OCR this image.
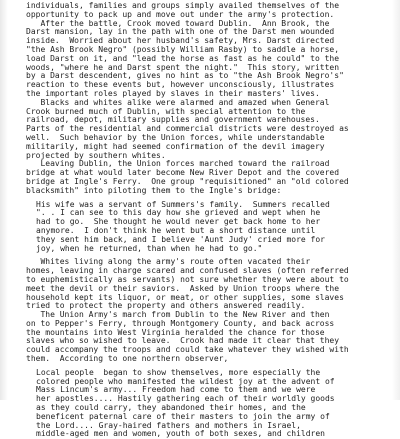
individuals, families and groups simply availed themselves of the
opportunity to pack up and move out under the army's protection.
After the battle, Crook moved toward Dublin.  Ann Brook, the
Darst mansion, lay in the path with one of the Darst men wounded
inside.  Worried about her husband's safety, Mrs. Darst directed
"the Ash Brook Negro" (possibly William Rasby) to saddle a horse,
load Darst on it, and "lead the horse as fast as he could" to the
woods, "where he and Darst spent the night."  This story, written
by a Darst descendent, gives no hint as to "the Ash Brook Negro's"
reaction to these events but, however unconsciously, illustrates
the important roles played by slaves in their masters' lives.
Blacks and whites alike were alarmed and amazed when General
Crook burned much of Dublin, with special attention to the
railroad, depot, military supplies and government warehouses.
Parts of the residential and commercial districts were destroyed as
well.  Such behavior by the Union forces, while understandable
militarily, might had seemed confirmation of the devil imagery
projected by southern whites.
Leaving Dublin, the Union forces marched toward the railroad
bridge at what would later become New River Depot and the covered
bridge at Ingle's Ferry.  One group "requisitioned" an "old colored
blacksmith" into piloting them to the Ingle's bridge:
His wife was a servant of Summers's family.  Summers recalled
". . I can see to this day how she grieved and wept when he
had to go.  She thought he would never get back home to her
anymore.  I don't think he went but a short distance until
they sent him back, and I believe 'Aunt Judy' cried more for
joy, when he returned, than when he had to go."
Whites living along the army's route often vacated their
homes, leaving in charge scared and confused slaves (often referred
to euphemistically as servants) not sure whether they were about to
meet the devil or their saviors.  Asked by Union troops where the
household kept its liquor, or meat, or other supplies, some slaves
tried to protect the property and others answered readily.
The Union Army's march from Dublin to the New River and then
on to Pepper's Ferry, through Montgomery County, and back across
the mountains into West Virginia heralded the chance for those
slaves who so wished to leave.  Crook had made it clear that they
could accompany the troops and could take whatever they wished with
them.  According to one northern observer,
Local people  began to show themselves, more especially the
colored people who manifested the wildest joy at the advent of
Mass Lincum's army... Freedom had come to them and we were
her apostles.... Hastily gathering each of their worldly goods
as they could carry, they abandoned their homes, and the
beneficent paternal care of their masters to join the army of
the Lord.... Gray-haired fathers and mothers in Israel,
middle-aged men and women, youth of both sexes, and children
